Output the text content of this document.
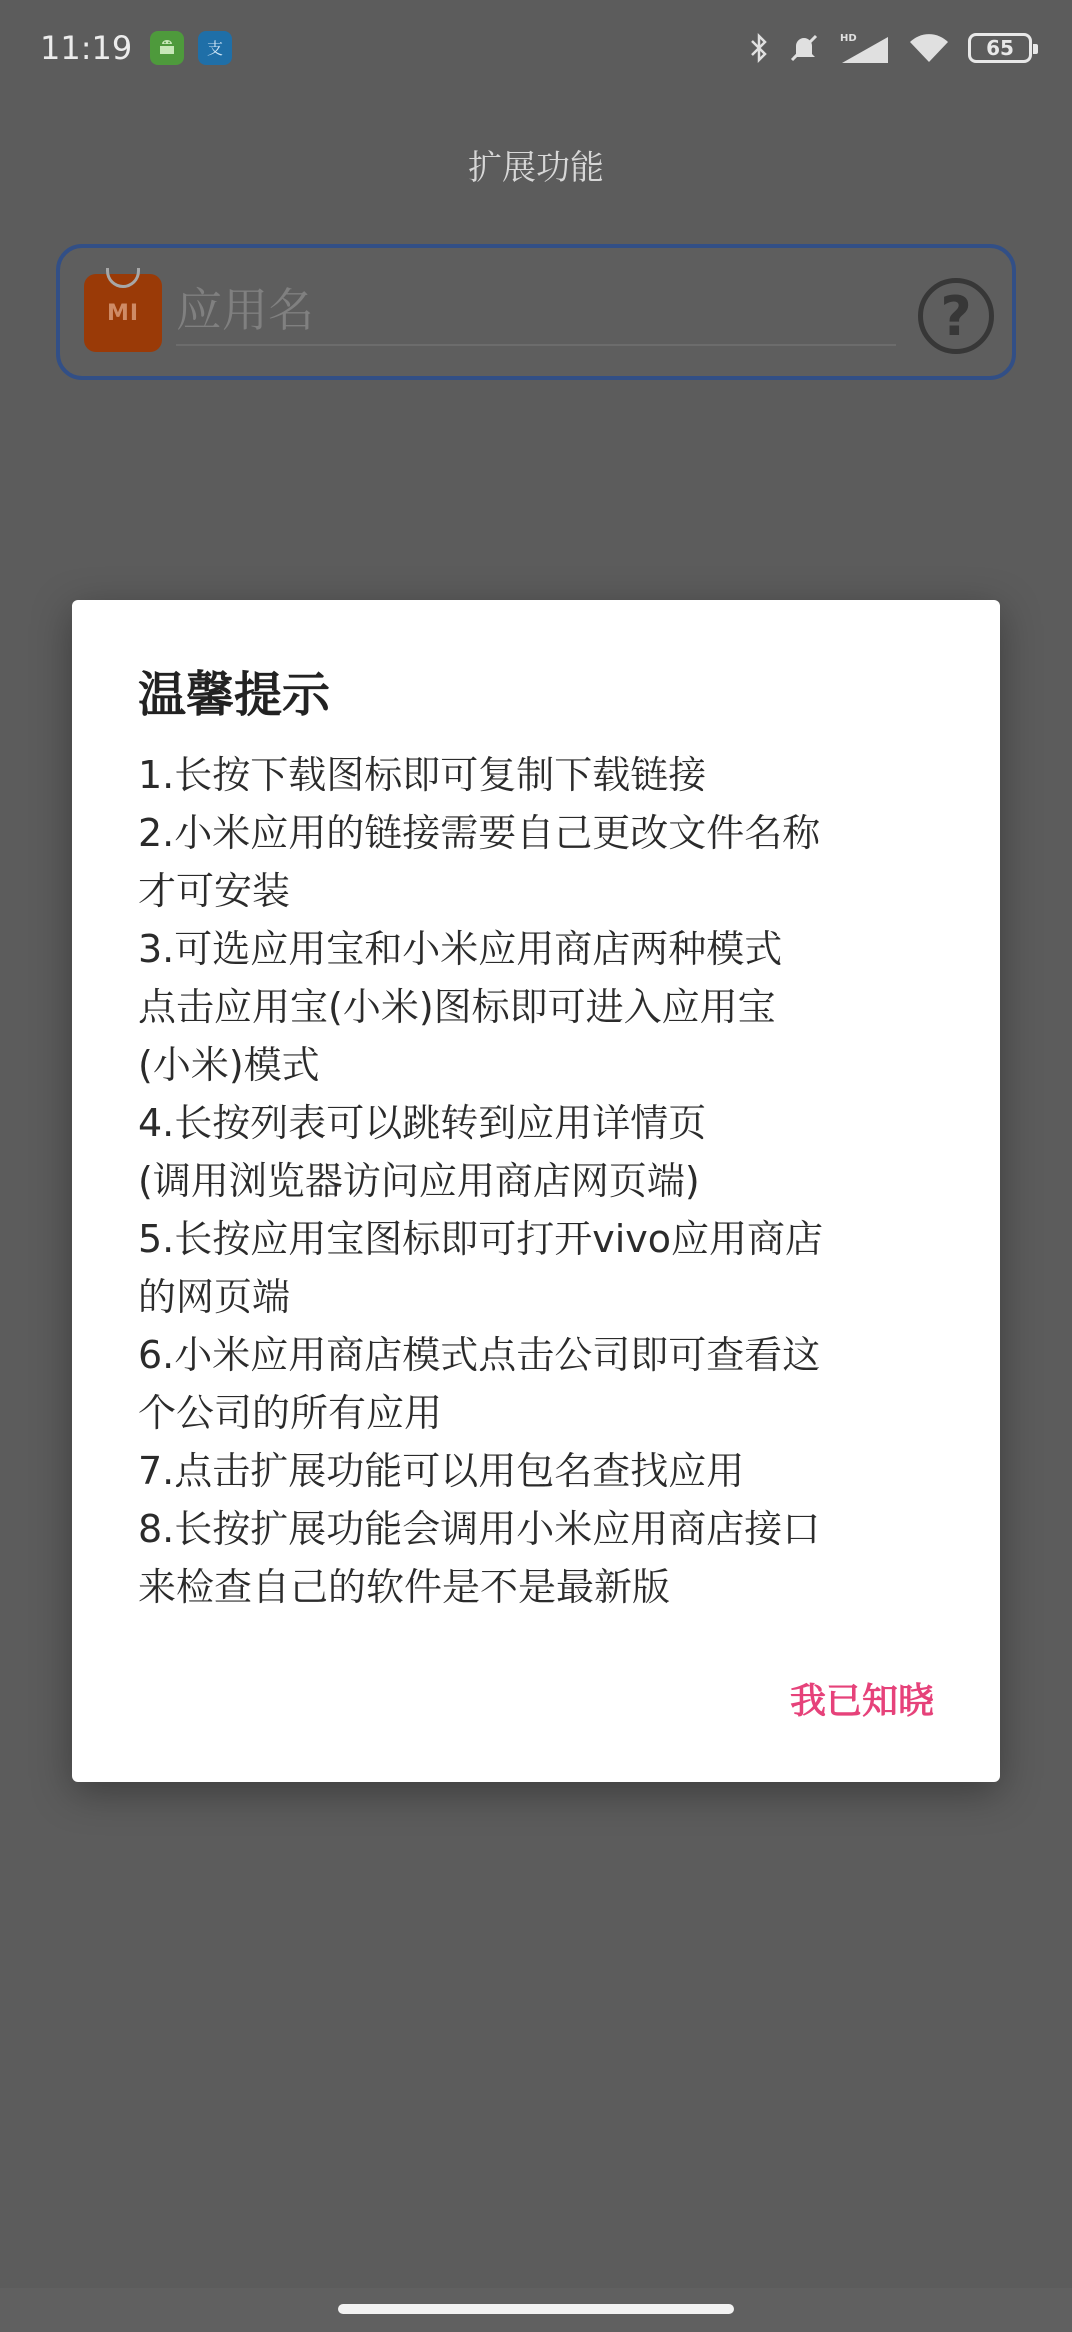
11:19	支
HD	65
扩展功能
MI
应用名	?
温馨提示
1.长按下载图标即可复制下载链接
2.小米应用的链接需要自己更改文件名称
才可安装
3.可选应用宝和小米应用商店两种模式
点击应用宝(小米)图标即可进入应用宝
(小米)模式
4.长按列表可以跳转到应用详情页
(调用浏览器访问应用商店网页端)
5.长按应用宝图标即可打开vivo应用商店
的网页端
6.小米应用商店模式点击公司即可查看这
个公司的所有应用
7.点击扩展功能可以用包名查找应用
8.长按扩展功能会调用小米应用商店接口
来检查自己的软件是不是最新版
我已知晓
